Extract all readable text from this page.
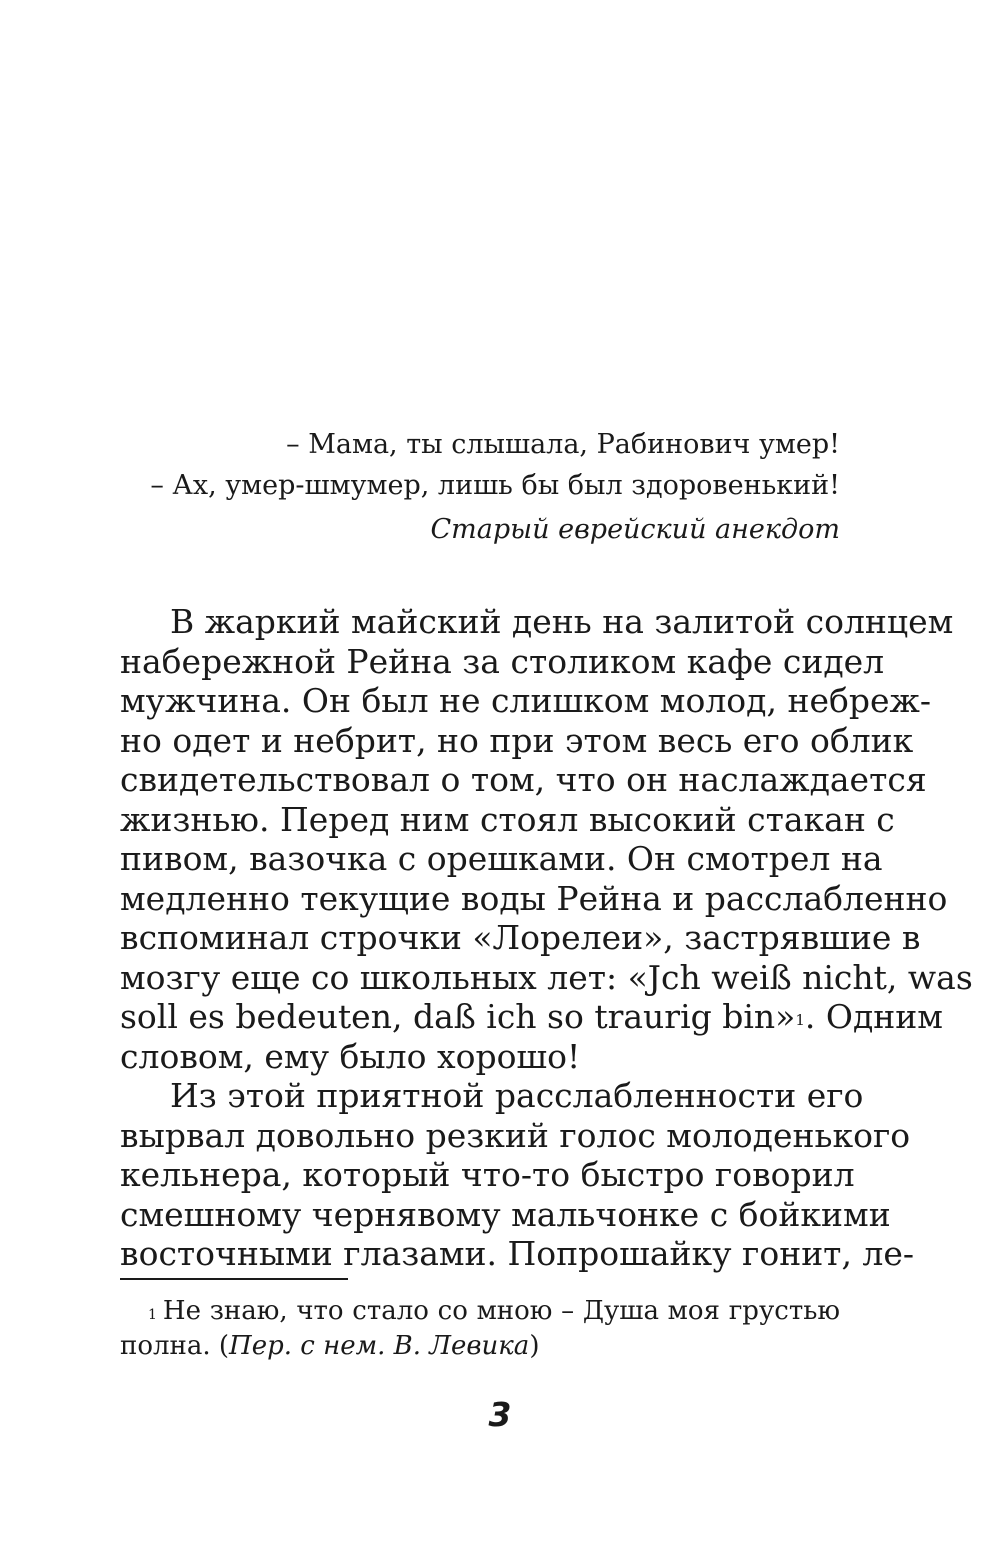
– Мама, ты слышала, Рабинович умер!
– Ах, умер-шмумер, лишь бы был здоровенький!
Старый еврейский анекдот
В жаркий майский день на залитой солнцем
набережной Рейна за столиком кафе сидел
мужчина. Он был не слишком молод, небреж-
но одет и небрит, но при этом весь его облик
свидетельствовал о том, что он наслаждается
жизнью. Перед ним стоял высокий стакан с
пивом, вазочка с орешками. Он смотрел на
медленно текущие воды Рейна и расслабленно
вспоминал строчки «Лорелеи», застрявшие в
мозгу еще со школьных лет: «Jch weiß nicht, was
soll es bedeuten, daß ich so traurig bin»$^1$. Одним
словом, ему было хорошо!
Из этой приятной расслабленности его
вырвал довольно резкий голос молоденького
кельнера, который что-то быстро говорил
смешному чернявому мальчонке с бойкими
восточными глазами. Попрошайку гонит, ле-
$^1$ Не знаю, что стало со мною – Душа моя грустью
полна. (Пер. с нем. В. Левика)
3
